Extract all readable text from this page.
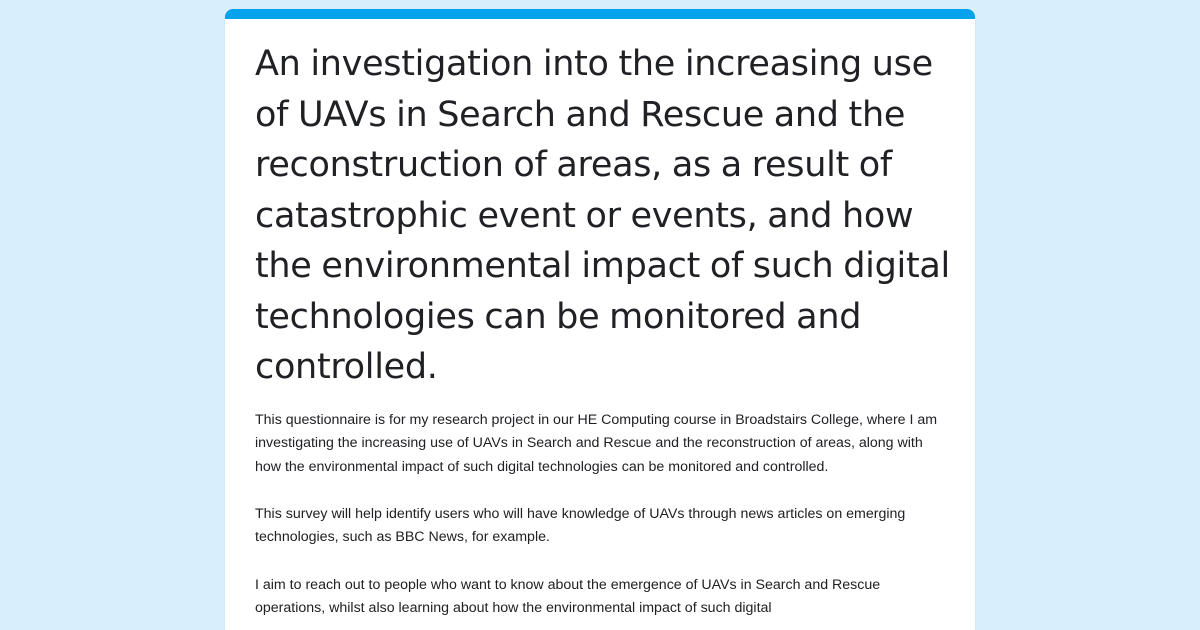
An investigation into the increasing use of UAVs in Search and Rescue and the reconstruction of areas, as a result of catastrophic event or events, and how the environmental impact of such digital technologies can be monitored and controlled.

This questionnaire is for my research project in our HE Computing course in Broadstairs College, where I am investigating the increasing use of UAVs in Search and Rescue and the reconstruction of areas, along with how the environmental impact of such digital technologies can be monitored and controlled.

This survey will help identify users who will have knowledge of UAVs through news articles on emerging technologies, such as BBC News, for example.

I aim to reach out to people who want to know about the emergence of UAVs in Search and Rescue operations, whilst also learning about how the environmental impact of such digital
